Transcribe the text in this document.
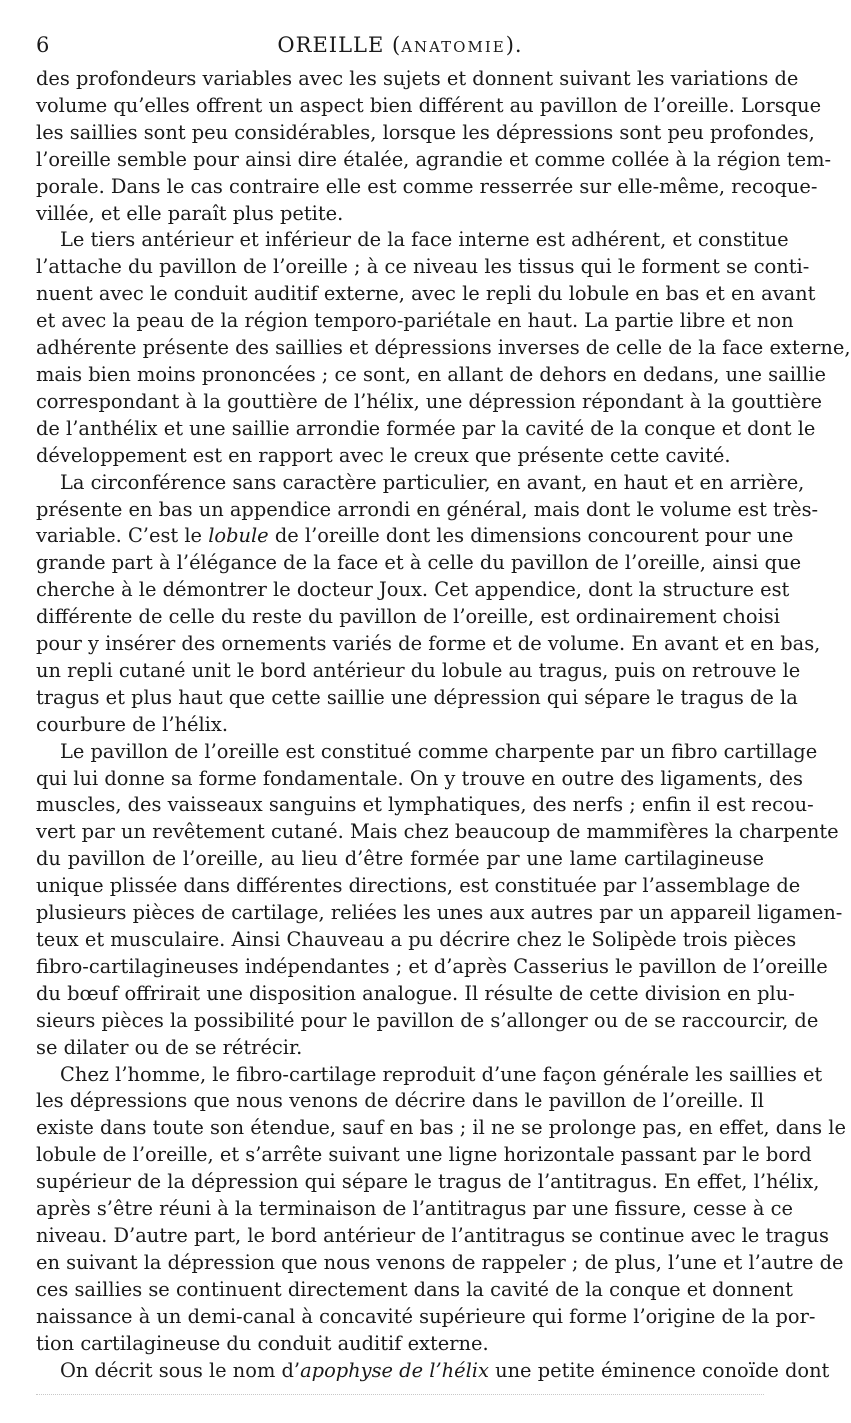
6	OREILLE (ANATOMIE).
des profondeurs variables avec les sujets et donnent suivant les variations de
volume qu’elles offrent un aspect bien différent au pavillon de l’oreille. Lorsque
les saillies sont peu considérables, lorsque les dépressions sont peu profondes,
l’oreille semble pour ainsi dire étalée, agrandie et comme collée à la région tem-
porale. Dans le cas contraire elle est comme resserrée sur elle-même, recoque-
villée, et elle paraît plus petite.
Le tiers antérieur et inférieur de la face interne est adhérent, et constitue
l’attache du pavillon de l’oreille ; à ce niveau les tissus qui le forment se conti-
nuent avec le conduit auditif externe, avec le repli du lobule en bas et en avant
et avec la peau de la région temporo-pariétale en haut. La partie libre et non
adhérente présente des saillies et dépressions inverses de celle de la face externe,
mais bien moins prononcées ; ce sont, en allant de dehors en dedans, une saillie
correspondant à la gouttière de l’hélix, une dépression répondant à la gouttière
de l’anthélix et une saillie arrondie formée par la cavité de la conque et dont le
développement est en rapport avec le creux que présente cette cavité.
La circonférence sans caractère particulier, en avant, en haut et en arrière,
présente en bas un appendice arrondi en général, mais dont le volume est très-
variable. C’est le lobule de l’oreille dont les dimensions concourent pour une
grande part à l’élégance de la face et à celle du pavillon de l’oreille, ainsi que
cherche à le démontrer le docteur Joux. Cet appendice, dont la structure est
différente de celle du reste du pavillon de l’oreille, est ordinairement choisi
pour y insérer des ornements variés de forme et de volume. En avant et en bas,
un repli cutané unit le bord antérieur du lobule au tragus, puis on retrouve le
tragus et plus haut que cette saillie une dépression qui sépare le tragus de la
courbure de l’hélix.
Le pavillon de l’oreille est constitué comme charpente par un fibro cartillage
qui lui donne sa forme fondamentale. On y trouve en outre des ligaments, des
muscles, des vaisseaux sanguins et lymphatiques, des nerfs ; enfin il est recou-
vert par un revêtement cutané. Mais chez beaucoup de mammifères la charpente
du pavillon de l’oreille, au lieu d’être formée par une lame cartilagineuse
unique plissée dans différentes directions, est constituée par l’assemblage de
plusieurs pièces de cartilage, reliées les unes aux autres par un appareil ligamen-
teux et musculaire. Ainsi Chauveau a pu décrire chez le Solipède trois pièces
fibro-cartilagineuses indépendantes ; et d’après Casserius le pavillon de l’oreille
du bœuf offrirait une disposition analogue. Il résulte de cette division en plu-
sieurs pièces la possibilité pour le pavillon de s’allonger ou de se raccourcir, de
se dilater ou de se rétrécir.
Chez l’homme, le fibro-cartilage reproduit d’une façon générale les saillies et
les dépressions que nous venons de décrire dans le pavillon de l’oreille. Il
existe dans toute son étendue, sauf en bas ; il ne se prolonge pas, en effet, dans le
lobule de l’oreille, et s’arrête suivant une ligne horizontale passant par le bord
supérieur de la dépression qui sépare le tragus de l’antitragus. En effet, l’hélix,
après s’être réuni à la terminaison de l’antitragus par une fissure, cesse à ce
niveau. D’autre part, le bord antérieur de l’antitragus se continue avec le tragus
en suivant la dépression que nous venons de rappeler ; de plus, l’une et l’autre de
ces saillies se continuent directement dans la cavité de la conque et donnent
naissance à un demi-canal à concavité supérieure qui forme l’origine de la por-
tion cartilagineuse du conduit auditif externe.
On décrit sous le nom d’apophyse de l’hélix une petite éminence conoïde dont
